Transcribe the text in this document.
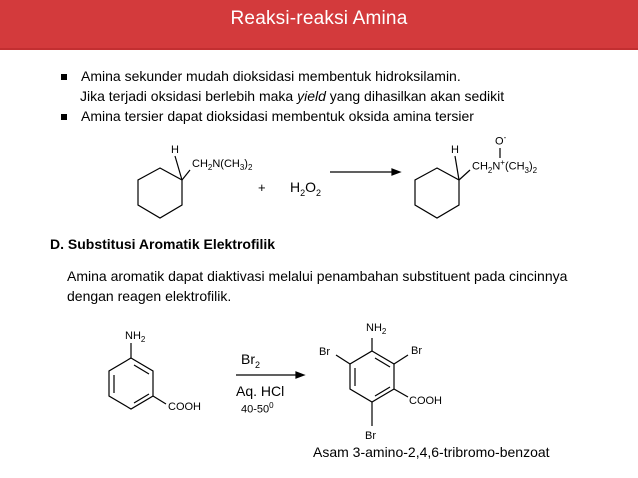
Reaksi-reaksi Amina
Amina sekunder mudah dioksidasi membentuk hidroksilamin.
Jika terjadi oksidasi berlebih maka yield yang dihasilkan akan sedikit
Amina tersier dapat dioksidasi membentuk oksida amina tersier
H
$CH_2N(CH_3)_2$
+ $H_2O_2$
H
O-
$CH_2N^+(CH_3)_2$
D. Substitusi Aromatik Elektrofilik
Amina aromatik dapat diaktivasi melalui penambahan substituent pada cincinnya
dengan reagen elektrofilik.
$NH_2$
COOH
$Br_2$
Aq. HCl
$40-50^0$
$NH_2$
Br	Br
COOH
Br
Asam 3-amino-2,4,6-tribromo-benzoat
